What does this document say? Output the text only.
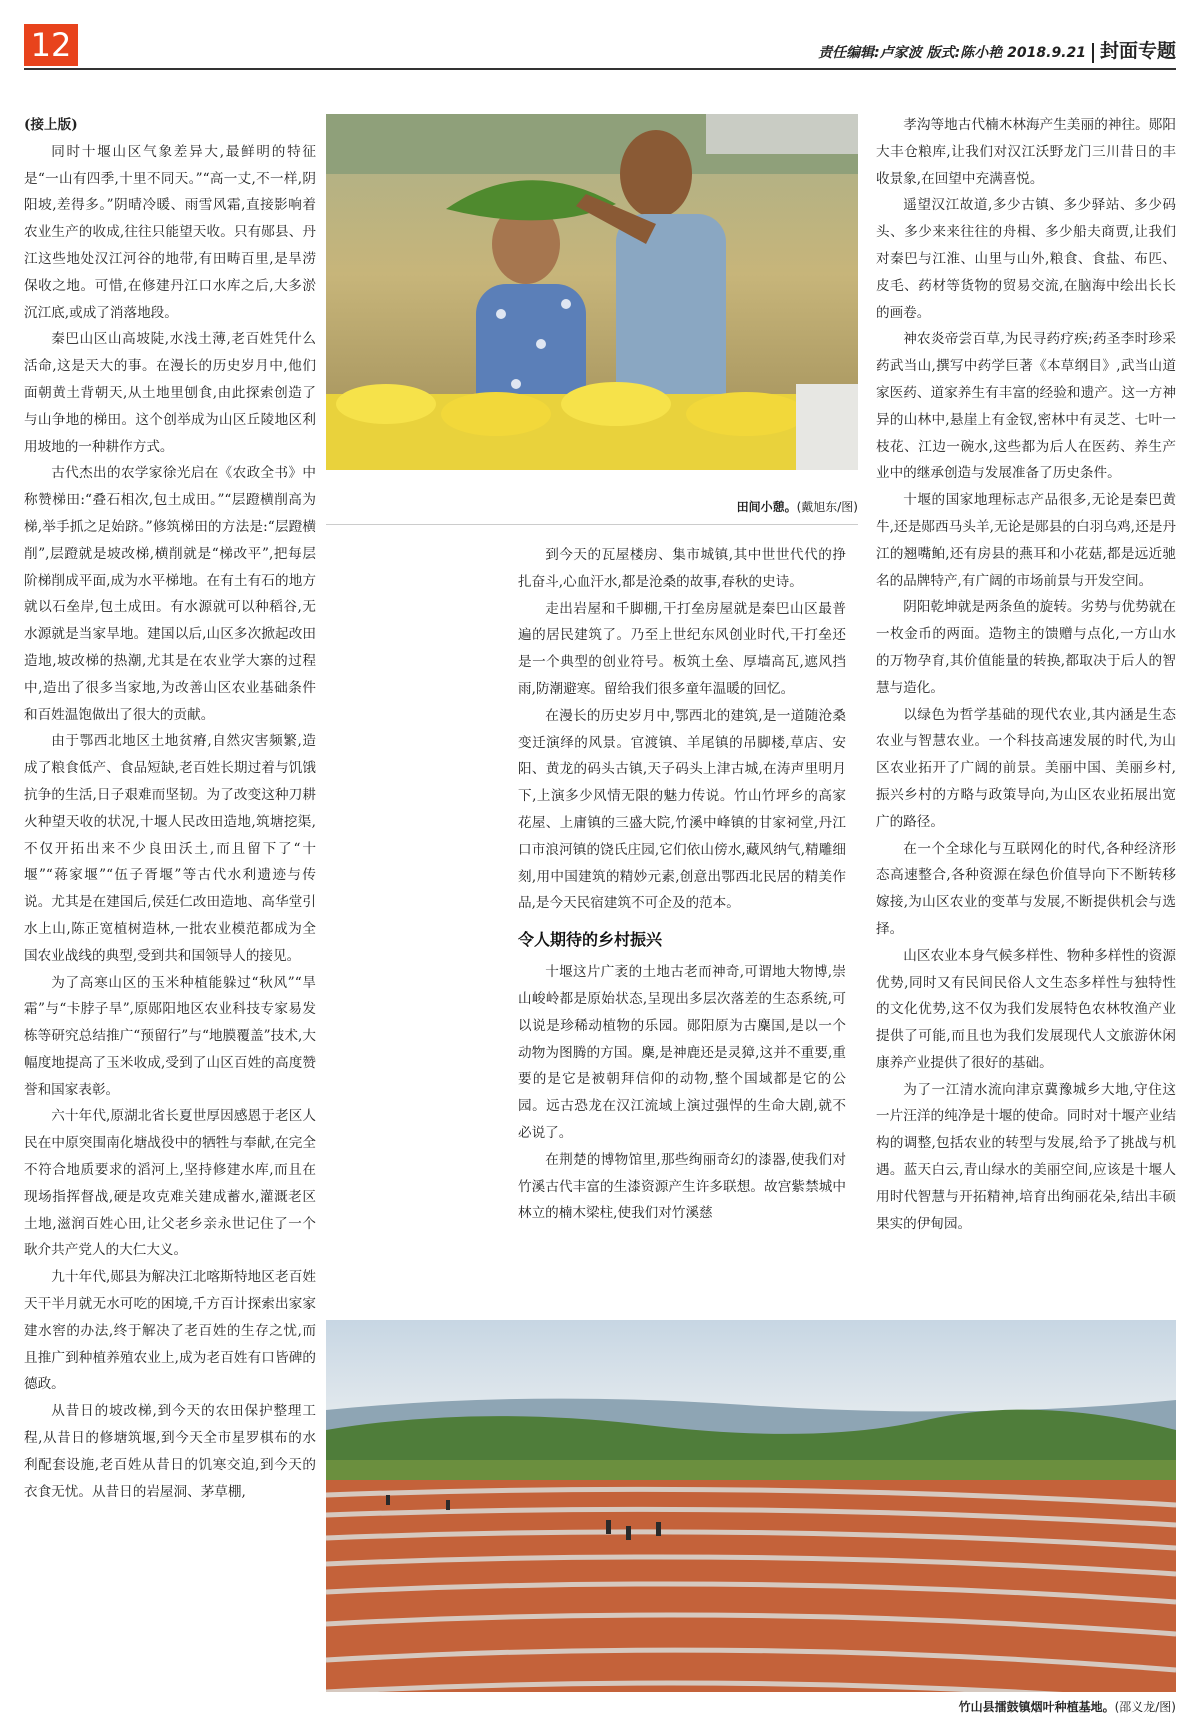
12	责任编辑:卢家波 版式:陈小艳 2018.9.21 封面专题

(接上版)

同时十堰山区气象差异大,最鲜明的特征是“一山有四季,十里不同天。”“高一丈,不一样,阴阳坡,差得多。”阴晴冷暖、雨雪风霜,直接影响着农业生产的收成,往往只能望天收。只有郧县、丹江这些地处汉江河谷的地带,有田畴百里,是旱涝保收之地。可惜,在修建丹江口水库之后,大多淤沉江底,或成了消落地段。

秦巴山区山高坡陡,水浅土薄,老百姓凭什么活命,这是天大的事。在漫长的历史岁月中,他们面朝黄土背朝天,从土地里刨食,由此探索创造了与山争地的梯田。这个创举成为山区丘陵地区利用坡地的一种耕作方式。

古代杰出的农学家徐光启在《农政全书》中称赞梯田:“叠石相次,包土成田。”“层蹬横削高为梯,举手抓之足始跻。”修筑梯田的方法是:“层蹬横削”,层蹬就是坡改梯,横削就是“梯改平”,把每层阶梯削成平面,成为水平梯地。在有土有石的地方就以石垒岸,包土成田。有水源就可以种稻谷,无水源就是当家旱地。建国以后,山区多次掀起改田造地,坡改梯的热潮,尤其是在农业学大寨的过程中,造出了很多当家地,为改善山区农业基础条件和百姓温饱做出了很大的贡献。

由于鄂西北地区土地贫瘠,自然灾害频繁,造成了粮食低产、食品短缺,老百姓长期过着与饥饿抗争的生活,日子艰难而坚韧。为了改变这种刀耕火种望天收的状况,十堰人民改田造地,筑塘挖渠,不仅开拓出来不少良田沃土,而且留下了“十堰”“蒋家堰”“伍子胥堰”等古代水利遗迹与传说。尤其是在建国后,侯廷仁改田造地、高华堂引水上山,陈正宽植树造林,一批农业模范都成为全国农业战线的典型,受到共和国领导人的接见。

为了高寒山区的玉米种植能躲过“秋风”“旱霜”与“卡脖子旱”,原郧阳地区农业科技专家易发栋等研究总结推广“预留行”与“地膜覆盖”技术,大幅度地提高了玉米收成,受到了山区百姓的高度赞誉和国家表彰。

六十年代,原湖北省长夏世厚因感恩于老区人民在中原突围南化塘战役中的牺牲与奉献,在完全不符合地质要求的滔河上,坚持修建水库,而且在现场指挥督战,硬是攻克难关建成蓄水,灌溉老区土地,滋润百姓心田,让父老乡亲永世记住了一个耿介共产党人的大仁大义。

九十年代,郧县为解决江北喀斯特地区老百姓天干半月就无水可吃的困境,千方百计探索出家家建水窖的办法,终于解决了老百姓的生存之忧,而且推广到种植养殖农业上,成为老百姓有口皆碑的德政。

从昔日的坡改梯,到今天的农田保护整理工程,从昔日的修塘筑堰,到今天全市星罗棋布的水利配套设施,老百姓从昔日的饥寒交迫,到今天的衣食无忧。从昔日的岩屋洞、茅草棚,

田间小憩。(戴旭东/图)

到今天的瓦屋楼房、集市城镇,其中世世代代的挣扎奋斗,心血汗水,都是沧桑的故事,春秋的史诗。

走出岩屋和千脚棚,干打垒房屋就是秦巴山区最普遍的居民建筑了。乃至上世纪东风创业时代,干打垒还是一个典型的创业符号。板筑土垒、厚墙高瓦,遮风挡雨,防潮避寒。留给我们很多童年温暖的回忆。

在漫长的历史岁月中,鄂西北的建筑,是一道随沧桑变迁演绎的风景。官渡镇、羊尾镇的吊脚楼,草店、安阳、黄龙的码头古镇,天子码头上津古城,在涛声里明月下,上演多少风情无限的魅力传说。竹山竹坪乡的高家花屋、上庸镇的三盛大院,竹溪中峰镇的甘家祠堂,丹江口市浪河镇的饶氏庄园,它们依山傍水,藏风纳气,精雕细刻,用中国建筑的精妙元素,创意出鄂西北民居的精美作品,是今天民宿建筑不可企及的范本。

令人期待的乡村振兴

十堰这片广袤的土地古老而神奇,可谓地大物博,崇山峻岭都是原始状态,呈现出多层次落差的生态系统,可以说是珍稀动植物的乐园。郧阳原为古麇国,是以一个动物为图腾的方国。麇,是神鹿还是灵獐,这并不重要,重要的是它是被朝拜信仰的动物,整个国域都是它的公园。远古恐龙在汉江流域上演过强悍的生命大剧,就不必说了。

在荆楚的博物馆里,那些绚丽奇幻的漆器,使我们对竹溪古代丰富的生漆资源产生许多联想。故宫紫禁城中林立的楠木梁柱,使我们对竹溪慈

孝沟等地古代楠木林海产生美丽的神往。郧阳大丰仓粮库,让我们对汉江沃野龙门三川昔日的丰收景象,在回望中充满喜悦。

遥望汉江故道,多少古镇、多少驿站、多少码头、多少来来往往的舟楫、多少船夫商贾,让我们对秦巴与江淮、山里与山外,粮食、食盐、布匹、皮毛、药材等货物的贸易交流,在脑海中绘出长长的画卷。

神农炎帝尝百草,为民寻药疗疾;药圣李时珍采药武当山,撰写中药学巨著《本草纲目》,武当山道家医药、道家养生有丰富的经验和遗产。这一方神异的山林中,悬崖上有金钗,密林中有灵芝、七叶一枝花、江边一碗水,这些都为后人在医药、养生产业中的继承创造与发展准备了历史条件。

十堰的国家地理标志产品很多,无论是秦巴黄牛,还是郧西马头羊,无论是郧县的白羽乌鸡,还是丹江的翘嘴鲌,还有房县的燕耳和小花菇,都是远近驰名的品牌特产,有广阔的市场前景与开发空间。

阴阳乾坤就是两条鱼的旋转。劣势与优势就在一枚金币的两面。造物主的馈赠与点化,一方山水的万物孕育,其价值能量的转换,都取决于后人的智慧与造化。

以绿色为哲学基础的现代农业,其内涵是生态农业与智慧农业。一个科技高速发展的时代,为山区农业拓开了广阔的前景。美丽中国、美丽乡村,振兴乡村的方略与政策导向,为山区农业拓展出宽广的路径。

在一个全球化与互联网化的时代,各种经济形态高速整合,各种资源在绿色价值导向下不断转移嫁接,为山区农业的变革与发展,不断提供机会与选择。

山区农业本身气候多样性、物种多样性的资源优势,同时又有民间民俗人文生态多样性与独特性的文化优势,这不仅为我们发展特色农林牧渔产业提供了可能,而且也为我们发展现代人文旅游休闲康养产业提供了很好的基础。

为了一江清水流向津京冀豫城乡大地,守住这一片汪洋的纯净是十堰的使命。同时对十堰产业结构的调整,包括农业的转型与发展,给予了挑战与机遇。蓝天白云,青山绿水的美丽空间,应该是十堰人用时代智慧与开拓精神,培育出绚丽花朵,结出丰硕果实的伊甸园。

竹山县擂鼓镇烟叶种植基地。(邵义龙/图)
